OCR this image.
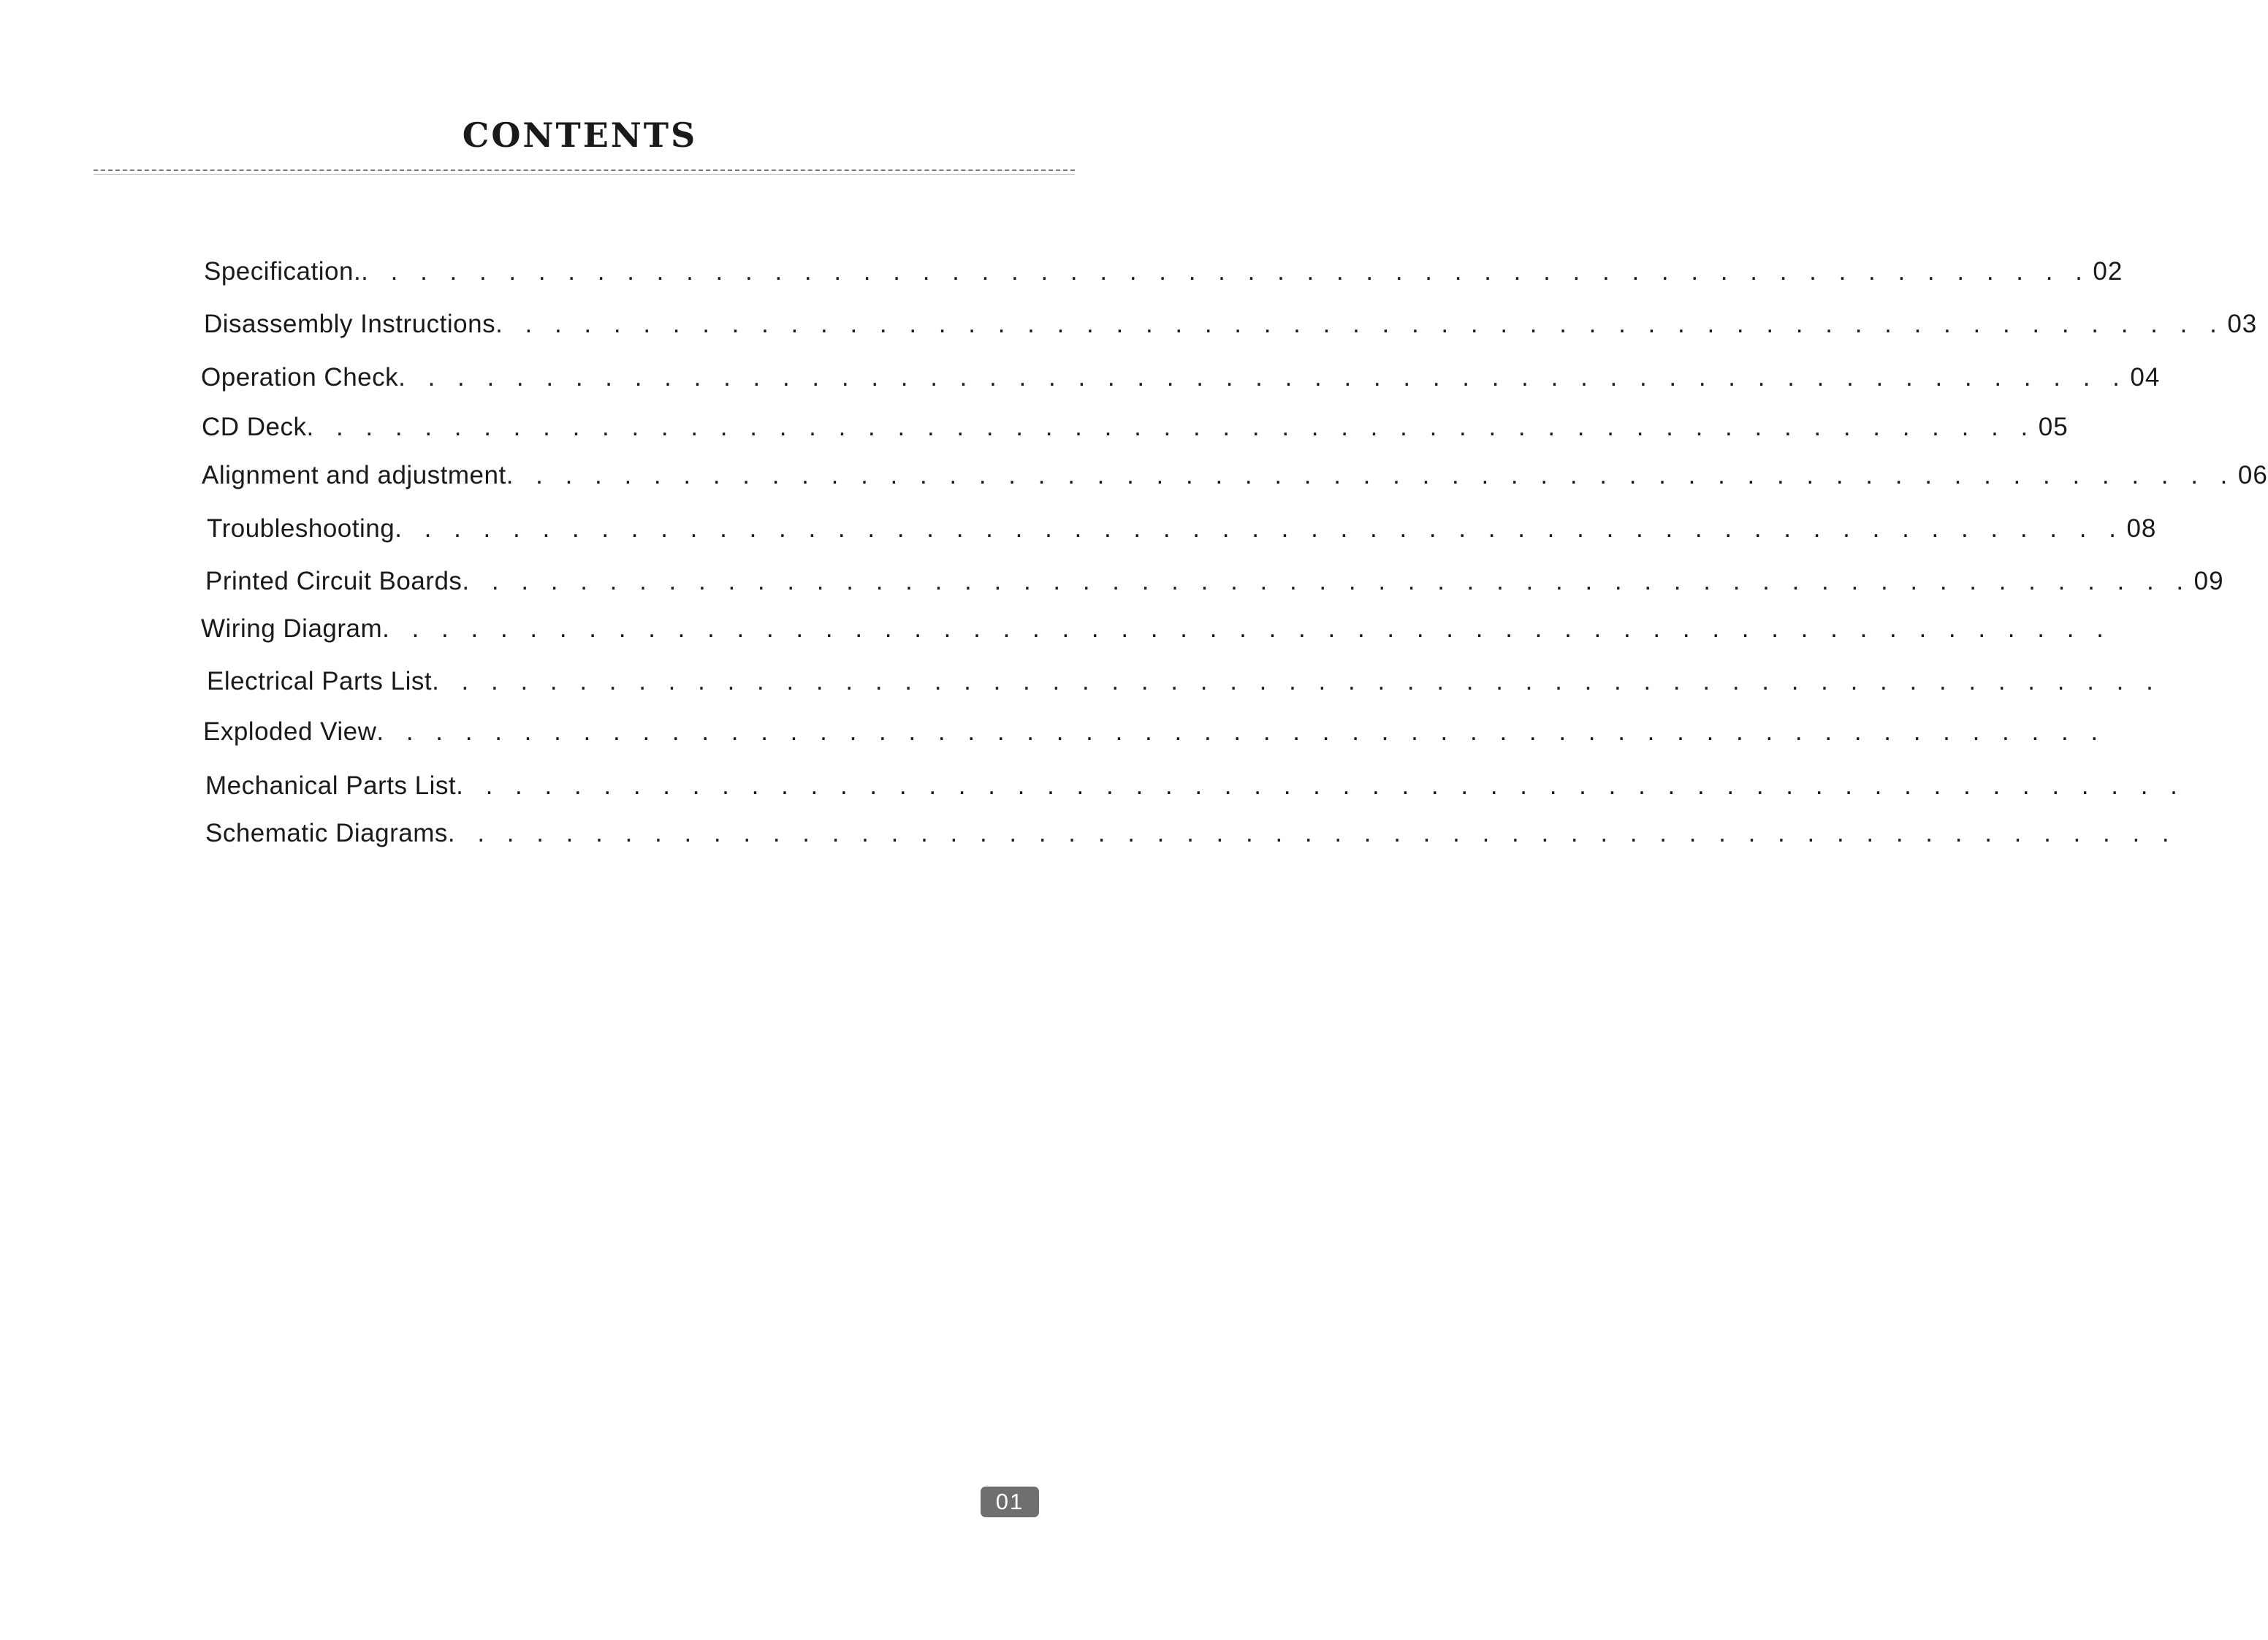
CONTENTS
Specification. . . . . . . . . . . . . . . . . . . . . . . . . . . . . . . . . . . . . . . . . . . . . . . . . . . . . . . . . . . . 02
Disassembly Instructions . . . . . . . . . . . . . . . . . . . . . . . . . . . . . . . . . . . . . . . . . . . . . . . . . . . . . . . . . . . 03
Operation Check . . . . . . . . . . . . . . . . . . . . . . . . . . . . . . . . . . . . . . . . . . . . . . . . . . . . . . . . . . . 04
CD Deck . . . . . . . . . . . . . . . . . . . . . . . . . . . . . . . . . . . . . . . . . . . . . . . . . . . . . . . . . . . 05
Alignment and adjustment . . . . . . . . . . . . . . . . . . . . . . . . . . . . . . . . . . . . . . . . . . . . . . . . . . . . . . . . . . . 06
Troubleshooting . . . . . . . . . . . . . . . . . . . . . . . . . . . . . . . . . . . . . . . . . . . . . . . . . . . . . . . . . . . 08
Printed Circuit Boards . . . . . . . . . . . . . . . . . . . . . . . . . . . . . . . . . . . . . . . . . . . . . . . . . . . . . . . . . . . 09
Wiring Diagram . . . . . . . . . . . . . . . . . . . . . . . . . . . . . . . . . . . . . . . . . . . . . . . . . . . . . . . . . . .
Electrical Parts List . . . . . . . . . . . . . . . . . . . . . . . . . . . . . . . . . . . . . . . . . . . . . . . . . . . . . . . . . . .
Exploded View . . . . . . . . . . . . . . . . . . . . . . . . . . . . . . . . . . . . . . . . . . . . . . . . . . . . . . . . . . .
Mechanical Parts List . . . . . . . . . . . . . . . . . . . . . . . . . . . . . . . . . . . . . . . . . . . . . . . . . . . . . . . . . . .
Schematic Diagrams . . . . . . . . . . . . . . . . . . . . . . . . . . . . . . . . . . . . . . . . . . . . . . . . . . . . . . . . . . .
01
